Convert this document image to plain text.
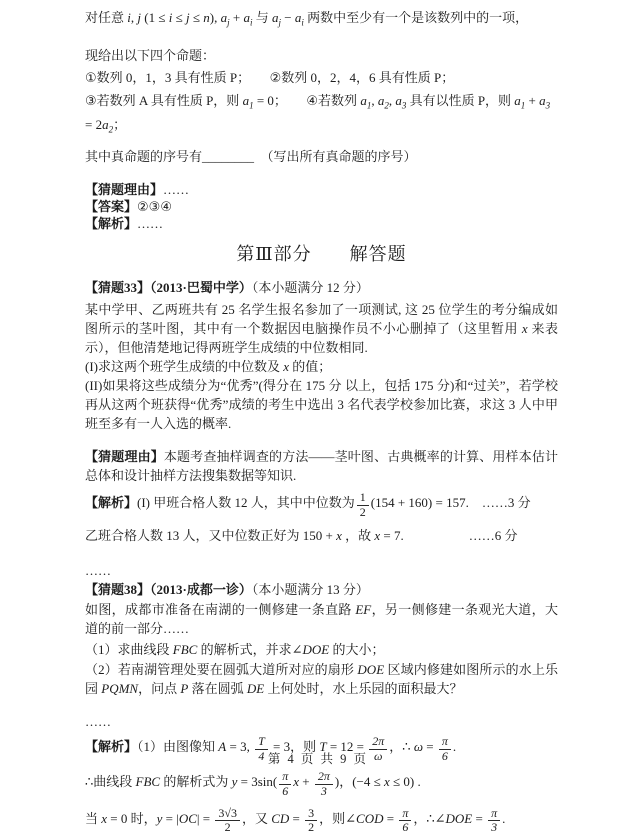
对任意 i, j (1 ≤ i ≤ j ≤ n), $a_j + a_i$ 与 $a_j - a_i$ 两数中至少有一个是该数列中的一项，

现给出以下四个命题：

①数列 0，1，3 具有性质 P；　　②数列 0，2，4，6 具有性质 P；

③若数列 A 具有性质 P，则 $a_1 = 0$；　　④若数列 $a_1$, $a_2$, $a_3$ 具有以性质 P，则 $a_1 + a_3 = 2a_2$；

其中真命题的序号有________　（写出所有真命题的序号）

【猜题理由】……

【答案】②③④

【解析】……

第Ⅲ部分　　解答题

【猜题33】（2013·巴蜀中学）（本小题满分 12 分）

某中学甲、乙两班共有 25 名学生报名参加了一项测试, 这 25 位学生的考分编成如图所示的茎叶图，其中有一个数据因电脑操作员不小心删掉了（这里暂用 x 来表示），但他清楚地记得两班学生成绩的中位数相同.

(I)求这两个班学生成绩的中位数及 x 的值；

(II)如果将这些成绩分为“优秀”(得分在 175 分 以上，包括 175 分)和“过关”，若学校再从这两个班获得“优秀”成绩的考生中选出 3 名代表学校参加比赛，求这 3 人中甲班至多有一人入选的概率.

【猜题理由】本题考查抽样调查的方法——茎叶图、古典概率的计算、用样本估计总体和设计抽样方法搜集数据等知识.

【解析】(I) 甲班合格人数 12 人，其中中位数为 $\frac{1}{2} (154 + 160) = 157$.　……3 分

乙班合格人数 13 人，又中位数正好为 150 + x ，故 x = 7.　　　　　……6 分

……

【猜题38】（2013·成都一诊）（本小题满分 13 分）

如图，成都市准备在南湖的一侧修建一条直路 EF，另一侧修建一条观光大道，大道的前一部分……

（1）求曲线段 FBC 的解析式，并求∠DOE 的大小；

（2）若南湖管理处要在圆弧大道所对应的扇形 DOE 区域内修建如图所示的水上乐园 PQMN，问点 P 落在圆弧 DE 上何处时，水上乐园的面积最大？

……

【解析】（1）由图像知 A = 3, $\frac{T}{4} = 3$，则 $T = 12 = \frac{2\pi}{\omega}$ ，∴ $\omega = \frac{\pi}{6}$ .

∴曲线段 FBC 的解析式为 $y = 3\sin( \frac{\pi}{6}$ $x + \frac{2\pi}{3}$ )，(−4 ≤ x ≤ 0) .

当 x = 0 时，$y = |OC| = \frac{3√3}{2}$ ，又 CD = $\frac{3}{2}$ ，则∠COD = $\frac{\pi}{6}$ ，∴∠DOE = $\frac{\pi}{3}$ .

第 4 页 共 9 页
